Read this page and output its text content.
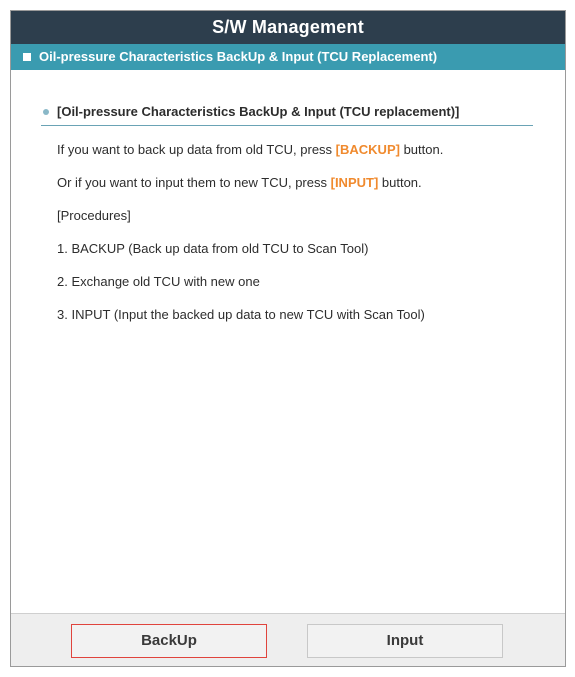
S/W Management
Oil-pressure Characteristics BackUp & Input (TCU Replacement)
[Oil-pressure Characteristics BackUp & Input (TCU replacement)]
If you want to back up data from old TCU, press [BACKUP] button.
Or if you want to input them to new TCU, press [INPUT] button.
[Procedures]
1. BACKUP (Back up data from old TCU to Scan Tool)
2. Exchange old TCU with new one
3. INPUT (Input the backed up data to new TCU with Scan Tool)
BackUp	Input
